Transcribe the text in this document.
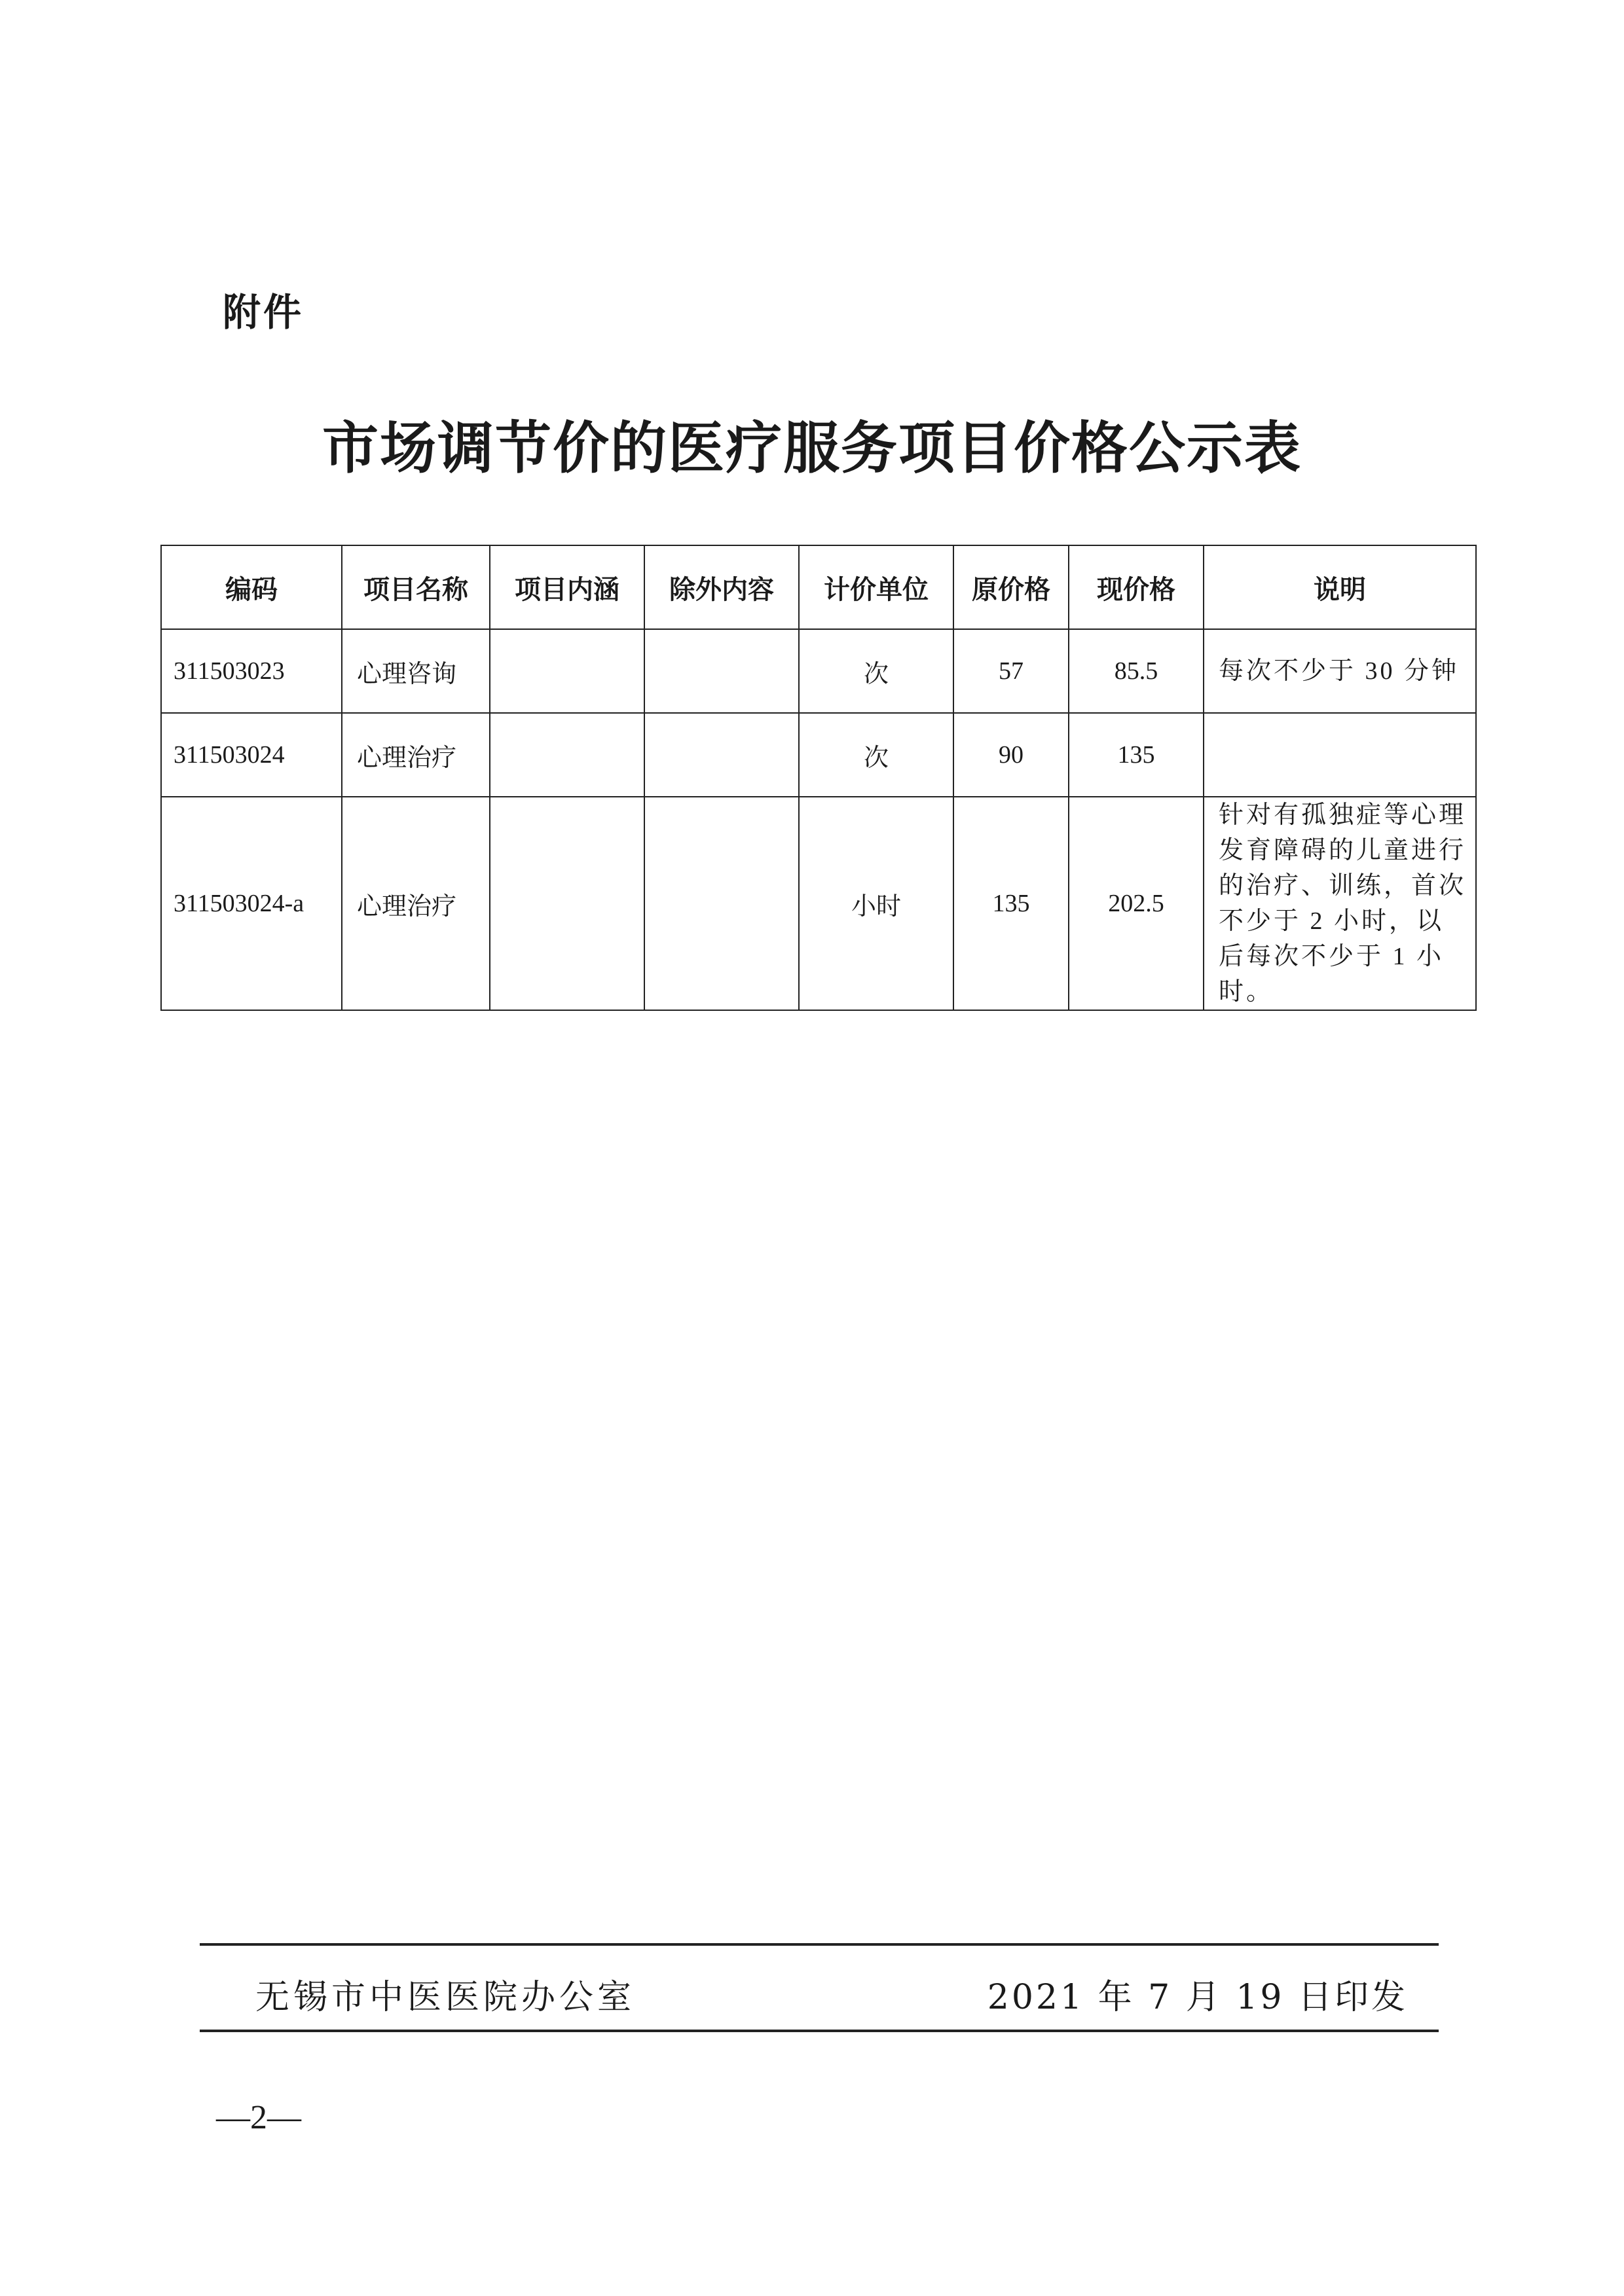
附件
市场调节价的医疗服务项目价格公示表
编码	项目名称	项目内涵	除外内容	计价单位	原价格	现价格	说明
311503023	心理咨询			次	57	85.5	每次不少于 30 分钟
311503024	心理治疗			次	90	135	
311503024-a	心理治疗			小时	135	202.5	针对有孤独症等心理发育障碍的儿童进行的治疗、训练，首次不少于 2 小时，以后每次不少于 1 小时。
无锡市中医医院办公室	2021 年 7 月 19 日印发
—2—
